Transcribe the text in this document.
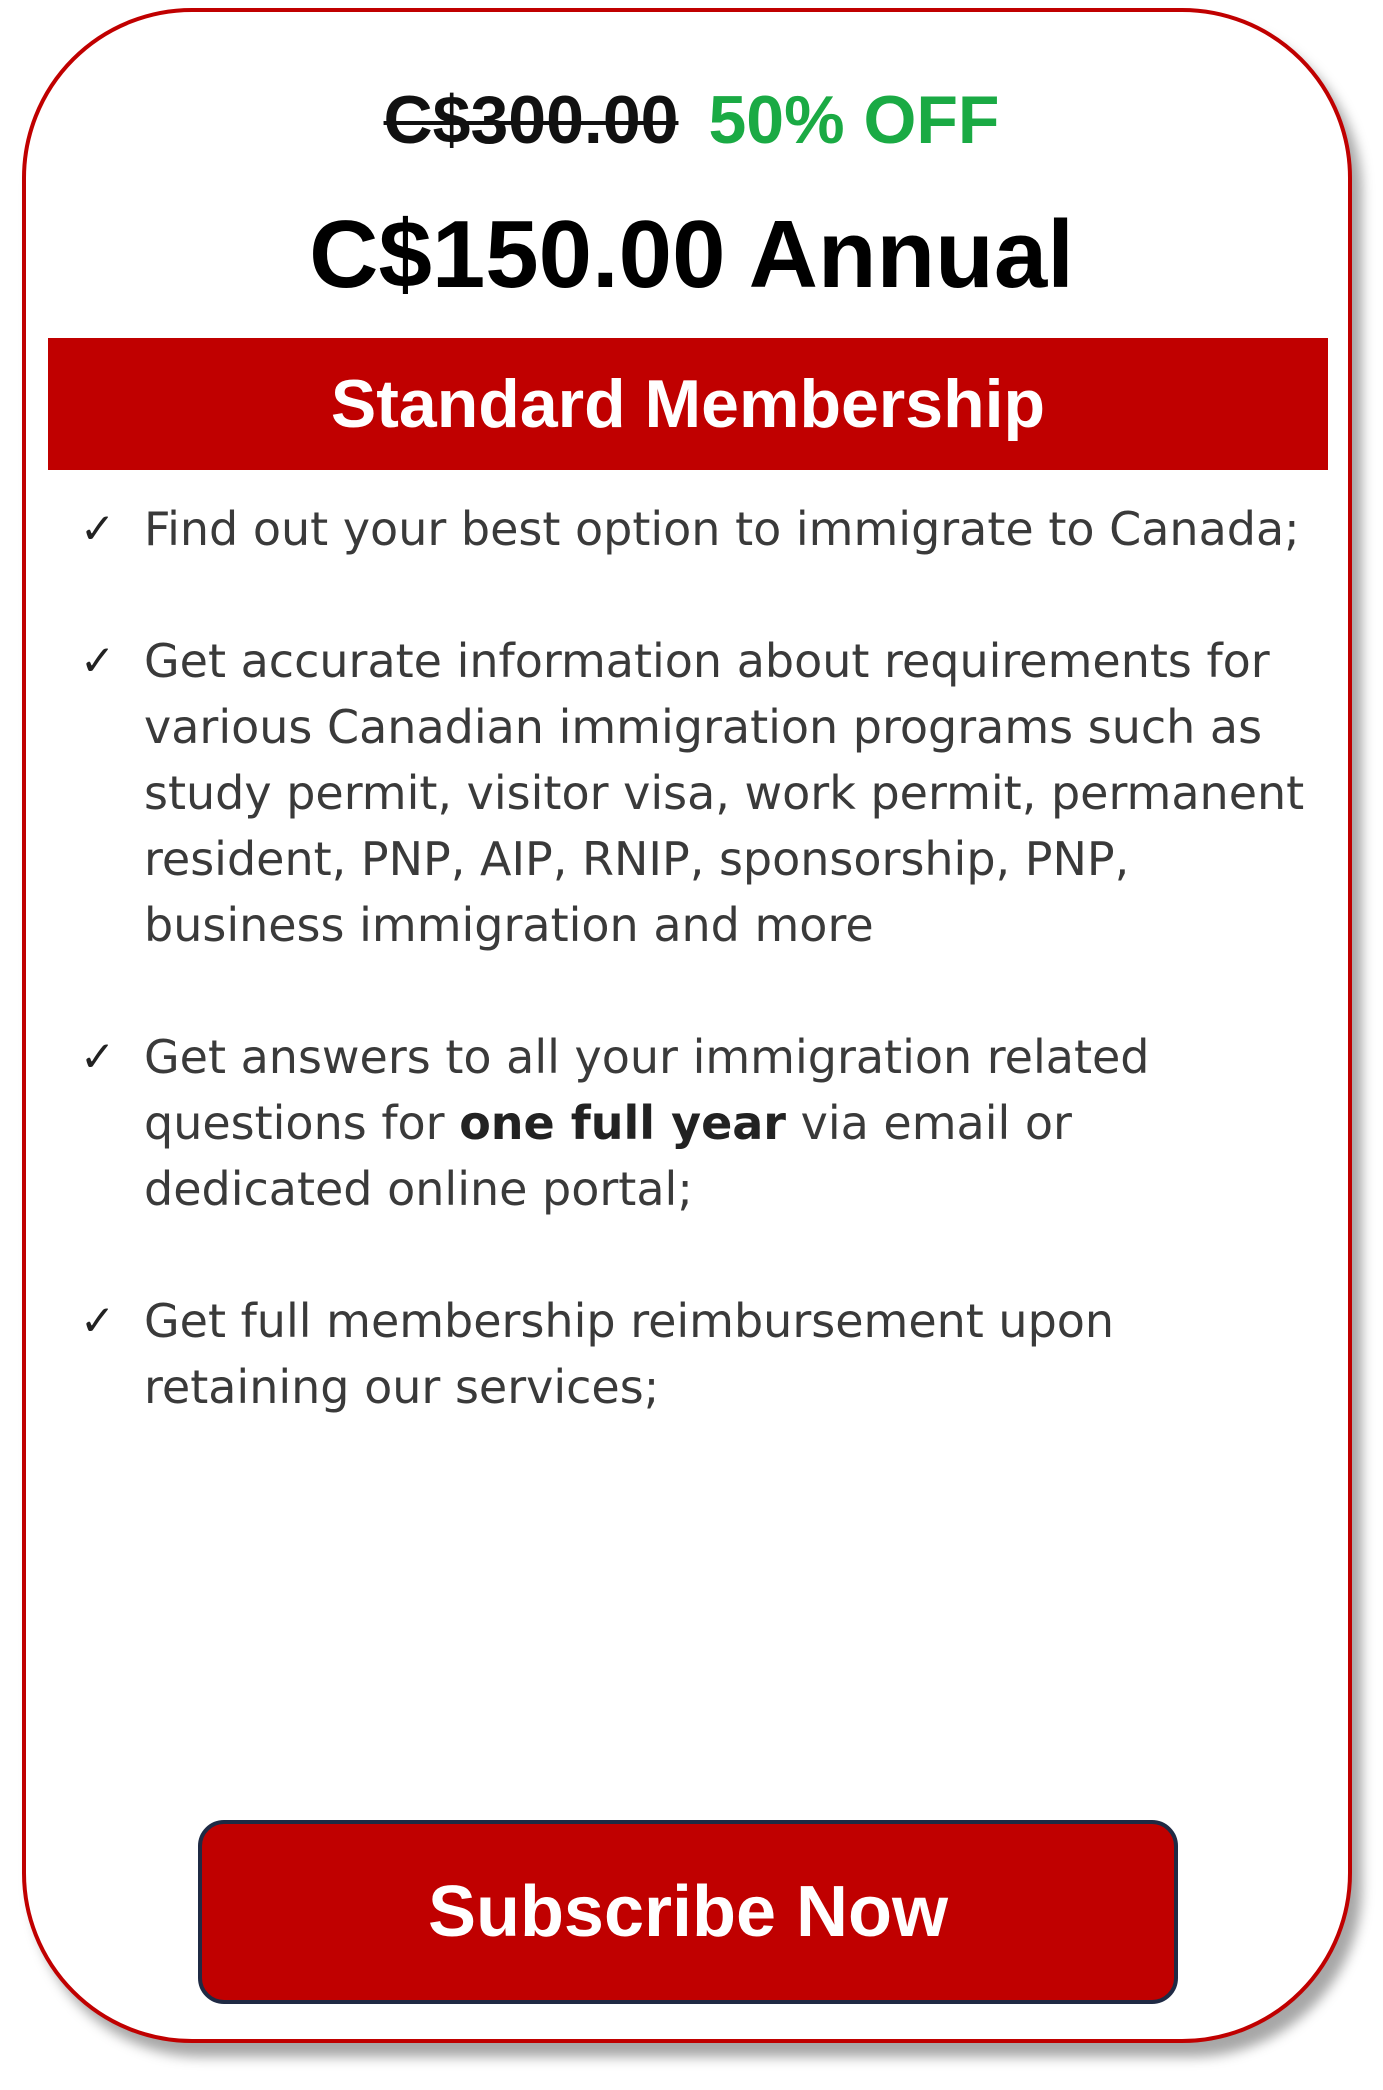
C$300.00 50% OFF
C$150.00 Annual
Standard Membership
✓ Find out your best option to immigrate to Canada;
✓ Get accurate information about requirements for various Canadian immigration programs such as study permit, visitor visa, work permit, permanent resident, PNP, AIP, RNIP, sponsorship, PNP, business immigration and more
✓ Get answers to all your immigration related questions for one full year via email or dedicated online portal;
✓ Get full membership reimbursement upon retaining our services;
Subscribe Now
